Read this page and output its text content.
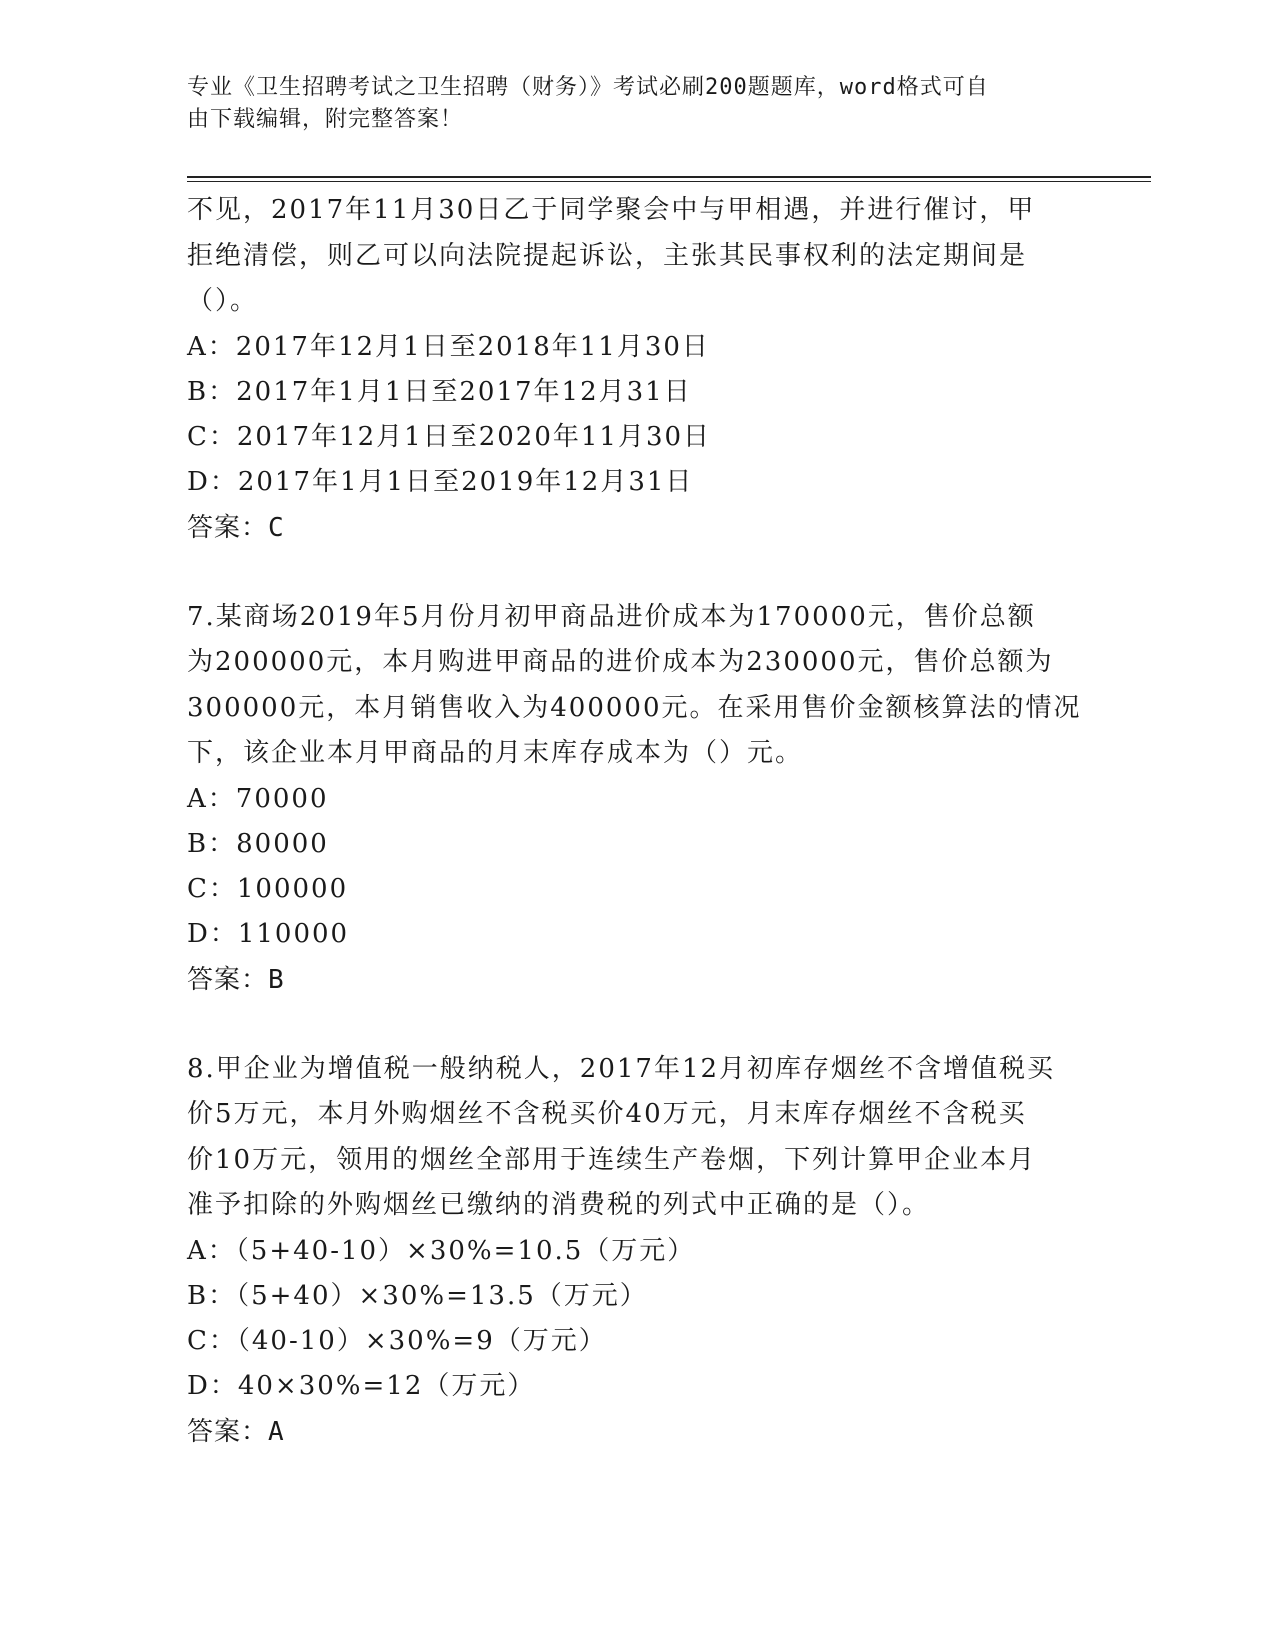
专业《卫生招聘考试之卫生招聘（财务）》考试必刷200题题库，word格式可自
由下载编辑，附完整答案！
不见，2017年11月30日乙于同学聚会中与甲相遇，并进行催讨，甲
拒绝清偿，则乙可以向法院提起诉讼，主张其民事权利的法定期间是
（）。
A：2017年12月1日至2018年11月30日
B：2017年1月1日至2017年12月31日
C：2017年12月1日至2020年11月30日
D：2017年1月1日至2019年12月31日
答案：C
7.某商场2019年5月份月初甲商品进价成本为170000元，售价总额
为200000元，本月购进甲商品的进价成本为230000元，售价总额为
300000元，本月销售收入为400000元。在采用售价金额核算法的情况
下，该企业本月甲商品的月末库存成本为（）元。
A：70000
B：80000
C：100000
D：110000
答案：B
8.甲企业为增值税一般纳税人，2017年12月初库存烟丝不含增值税买
价5万元，本月外购烟丝不含税买价40万元，月末库存烟丝不含税买
价10万元，领用的烟丝全部用于连续生产卷烟，下列计算甲企业本月
准予扣除的外购烟丝已缴纳的消费税的列式中正确的是（）。
A：（5+40-10）×30%=10.5（万元）
B：（5+40）×30%=13.5（万元）
C：（40-10）×30%=9（万元）
D：40×30%=12（万元）
答案：A
